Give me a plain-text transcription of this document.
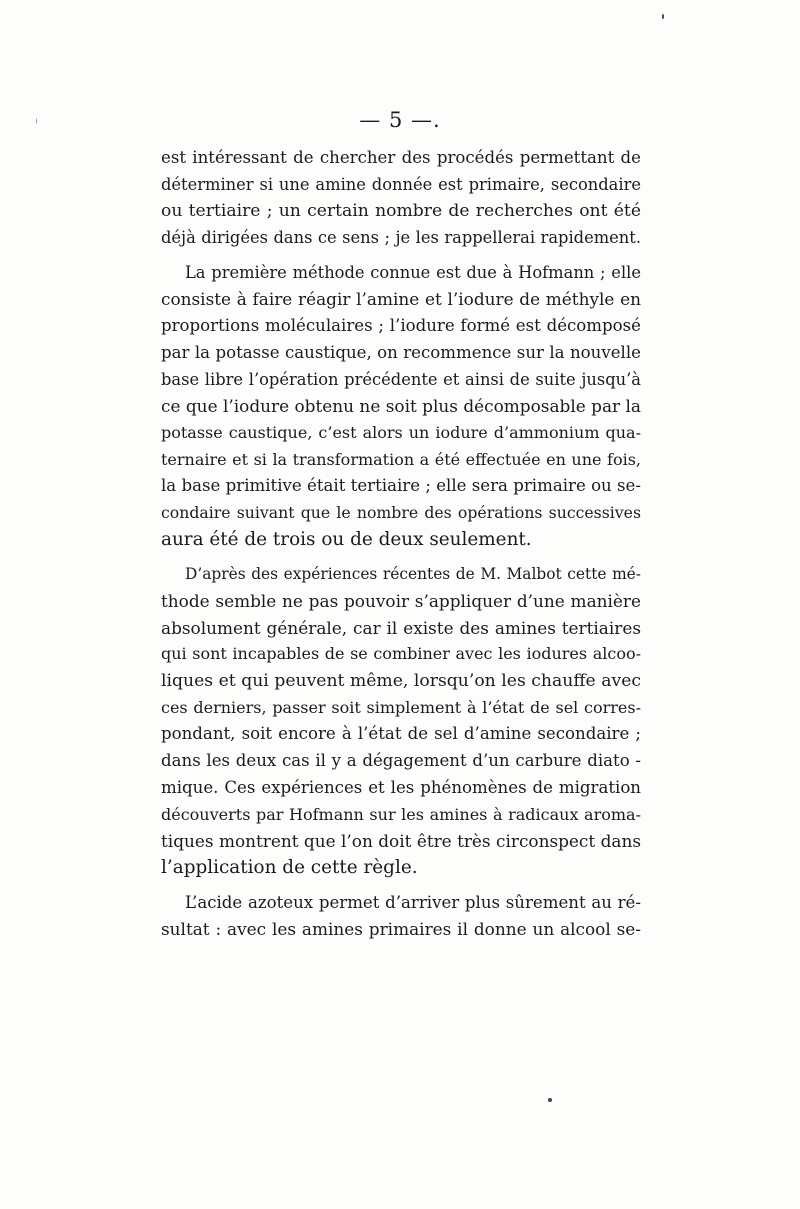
— 5 —.
est intéressant de chercher des procédés permettant de
déterminer si une amine donnée est primaire, secondaire
ou tertiaire ; un certain nombre de recherches ont été
déjà dirigées dans ce sens ; je les rappellerai rapidement.
La première méthode connue est due à Hofmann ; elle
consiste à faire réagir l’amine et l’iodure de méthyle en
proportions moléculaires ; l’iodure formé est décomposé
par la potasse caustique, on recommence sur la nouvelle
base libre l’opération précédente et ainsi de suite jusqu’à
ce que l’iodure obtenu ne soit plus décomposable par la
potasse caustique, c’est alors un iodure d’ammonium qua-
ternaire et si la transformation a été effectuée en une fois,
la base primitive était tertiaire ; elle sera primaire ou se-
condaire suivant que le nombre des opérations successives
aura été de trois ou de deux seulement.
D’après des expériences récentes de M. Malbot cette mé-
thode semble ne pas pouvoir s’appliquer d’une manière
absolument générale, car il existe des amines tertiaires
qui sont incapables de se combiner avec les iodures alcoo-
liques et qui peuvent même, lorsqu’on les chauffe avec
ces derniers, passer soit simplement à l’état de sel corres-
pondant, soit encore à l’état de sel d’amine secondaire ;
dans les deux cas il y a dégagement d’un carbure diato -
mique. Ces expériences et les phénomènes de migration
découverts par Hofmann sur les amines à radicaux aroma-
tiques montrent que l’on doit être très circonspect dans
l’application de cette règle.
L’acide azoteux permet d’arriver plus sûrement au ré-
sultat : avec les amines primaires il donne un alcool se-
